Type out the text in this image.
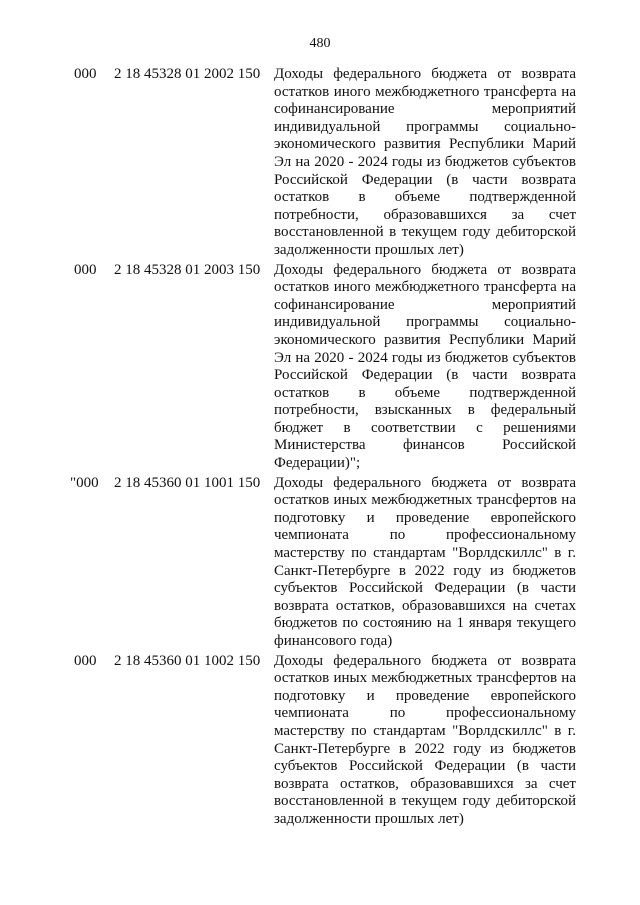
480
000	2 18 45328 01 2002 150 Доходы федерального бюджета от возврата остатков иного межбюджетного трансферта на софинансирование мероприятий индивидуальной программы социально-экономического развития Республики Марий Эл на 2020 - 2024 годы из бюджетов субъектов Российской Федерации (в части возврата остатков в объеме подтвержденной потребности, образовавшихся за счет восстановленной в текущем году дебиторской задолженности прошлых лет)
000	2 18 45328 01 2003 150 Доходы федерального бюджета от возврата остатков иного межбюджетного трансферта на софинансирование мероприятий индивидуальной программы социально-экономического развития Республики Марий Эл на 2020 - 2024 годы из бюджетов субъектов Российской Федерации (в части возврата остатков в объеме подтвержденной потребности, взысканных в федеральный бюджет в соответствии с решениями Министерства финансов Российской Федерации)";
"000	2 18 45360 01 1001 150 Доходы федерального бюджета от возврата остатков иных межбюджетных трансфертов на подготовку и проведение европейского чемпионата по профессиональному мастерству по стандартам "Ворлдскиллс" в г. Санкт-Петербурге в 2022 году из бюджетов субъектов Российской Федерации (в части возврата остатков, образовавшихся на счетах бюджетов по состоянию на 1 января текущего финансового года)
000	2 18 45360 01 1002 150 Доходы федерального бюджета от возврата остатков иных межбюджетных трансфертов на подготовку и проведение европейского чемпионата по профессиональному мастерству по стандартам "Ворлдскиллс" в г. Санкт-Петербурге в 2022 году из бюджетов субъектов Российской Федерации (в части возврата остатков, образовавшихся за счет восстановленной в текущем году дебиторской задолженности прошлых лет)
